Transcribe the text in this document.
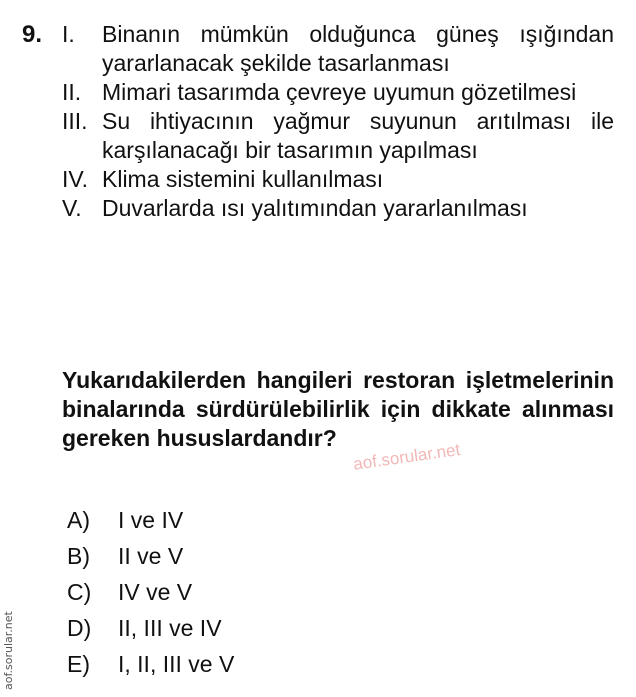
9. I.	Binanın mümkün olduğunca güneş ışığından yararlanacak şekilde tasarlanması
II. Mimari tasarımda çevreye uyumun gözetilmesi
III. Su ihtiyacının yağmur suyunun arıtılması ile karşılanacağı bir tasarımın yapılması
IV. Klima sistemini kullanılması
V. Duvarlarda ısı yalıtımından yararlanılması
Yukarıdakilerden hangileri restoran işletmelerinin binalarında sürdürülebilirlik için dikkate alınması gereken hususlardandır?
aof.sorular.net
A)	I ve IV
B)	II ve V
C)	IV ve V
D)	II, III ve IV
E)	I, II, III ve V
aof.sorular.net
